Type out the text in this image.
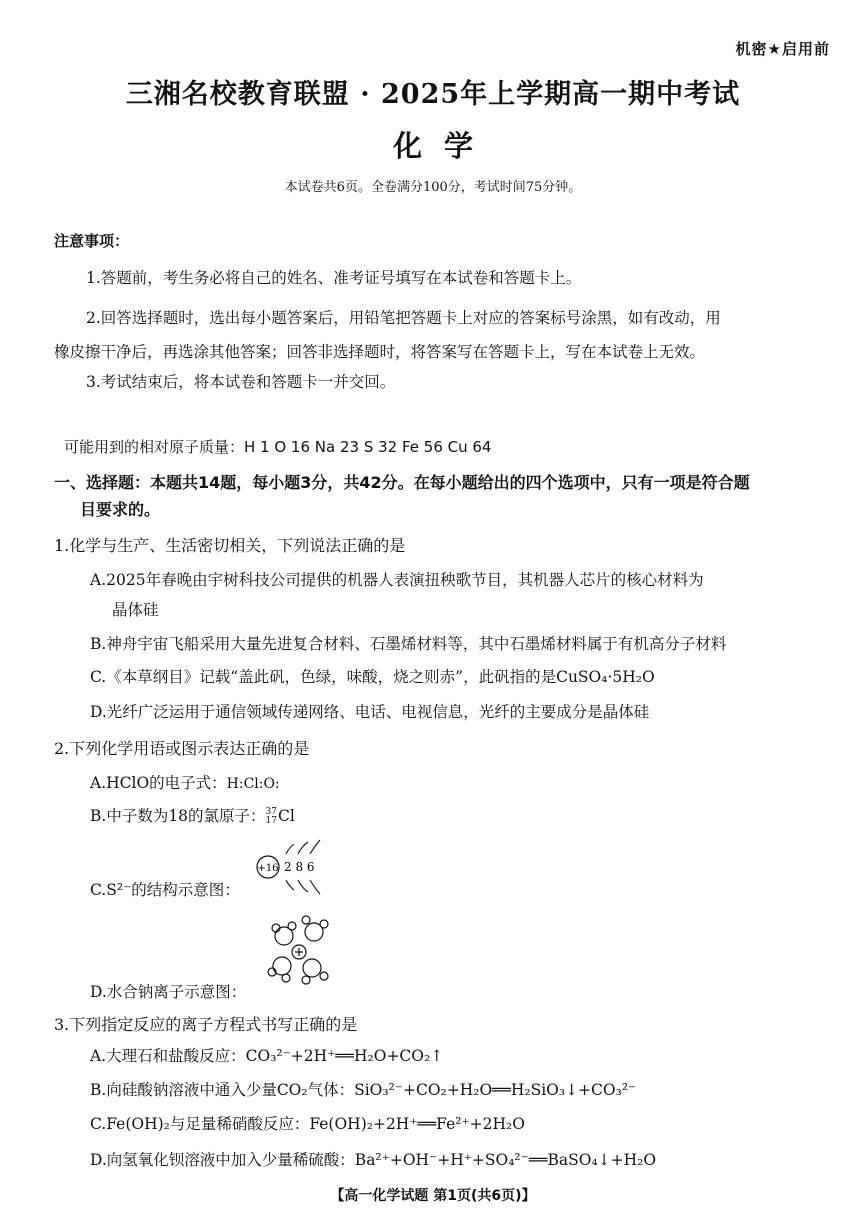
机密★启用前
三湘名校教育联盟 · 2025年上学期高一期中考试
化学
本试卷共6页。全卷满分100分，考试时间75分钟。
注意事项：
1.答题前，考生务必将自己的姓名、准考证号填写在本试卷和答题卡上。
2.回答选择题时，选出每小题答案后，用铅笔把答题卡上对应的答案标号涂黑，如有改动，用
橡皮擦干净后，再选涂其他答案；回答非选择题时，将答案写在答题卡上，写在本试卷上无效。
3.考试结束后，将本试卷和答题卡一并交回。
可能用到的相对原子质量：H 1 O 16 Na 23 S 32 Fe 56 Cu 64
一、选择题：本题共14题，每小题3分，共42分。在每小题给出的四个选项中，只有一项是符合题
目要求的。
1.化学与生产、生活密切相关，下列说法正确的是
A.2025年春晚由宇树科技公司提供的机器人表演扭秧歌节目，其机器人芯片的核心材料为
晶体硅
B.神舟宇宙飞船采用大量先进复合材料、石墨烯材料等，其中石墨烯材料属于有机高分子材料
C.《本草纲目》记载“盖此矾，色绿，味酸，烧之则赤”，此矾指的是CuSO₄·5H₂O
D.光纤广泛运用于通信领域传递网络、电话、电视信息，光纤的主要成分是晶体硅
2.下列化学用语或图示表达正确的是
A.HClO的电子式：H:Cl:O:
B.中子数为18的氯原子：37
17Cl
+16 2 8 6
C.S²⁻的结构示意图：
D.水合钠离子示意图：
3.下列指定反应的离子方程式书写正确的是
A.大理石和盐酸反应：CO₃²⁻+2H⁺══H₂O+CO₂↑
B.向硅酸钠溶液中通入少量CO₂气体：SiO₃²⁻+CO₂+H₂O══H₂SiO₃↓+CO₃²⁻
C.Fe(OH)₂与足量稀硝酸反应：Fe(OH)₂+2H⁺══Fe²⁺+2H₂O
D.向氢氧化钡溶液中加入少量稀硫酸：Ba²⁺+OH⁻+H⁺+SO₄²⁻══BaSO₄↓+H₂O
【高一化学试题 第1页(共6页)】
